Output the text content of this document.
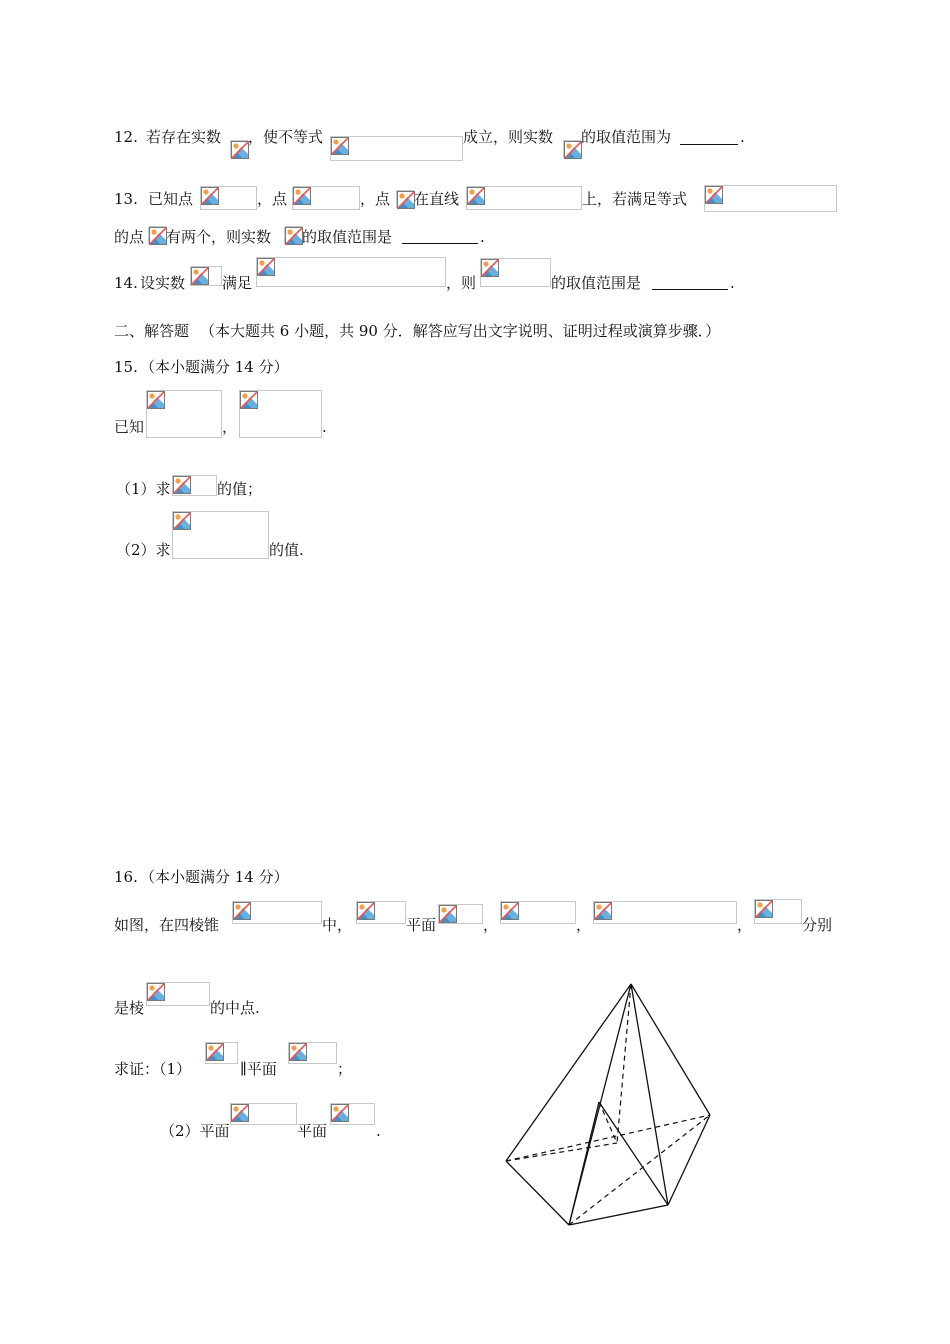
12. 若存在实数 ，使不等式	成立，则实数 的取值范围为	.
13. 已知点	，点	，点 在直线	上，若满足等式
的点 有两个，则实数 的取值范围是	.
14. 设实数 满足	，则	的取值范围是	.
二、解答题 （本大题共 6 小题，共 90 分．解答应写出文字说明、证明过程或演算步骤．）
15. （本小题满分 14 分）
已知	，	.
（1）求	的值；
（2）求	的值.
16. （本小题满分 14 分）
如图，在四棱锥	中，	平面	，	，	，	分别
是棱	的中点.
求证：（1）	∥平面	；
（2）平面	平面	.
